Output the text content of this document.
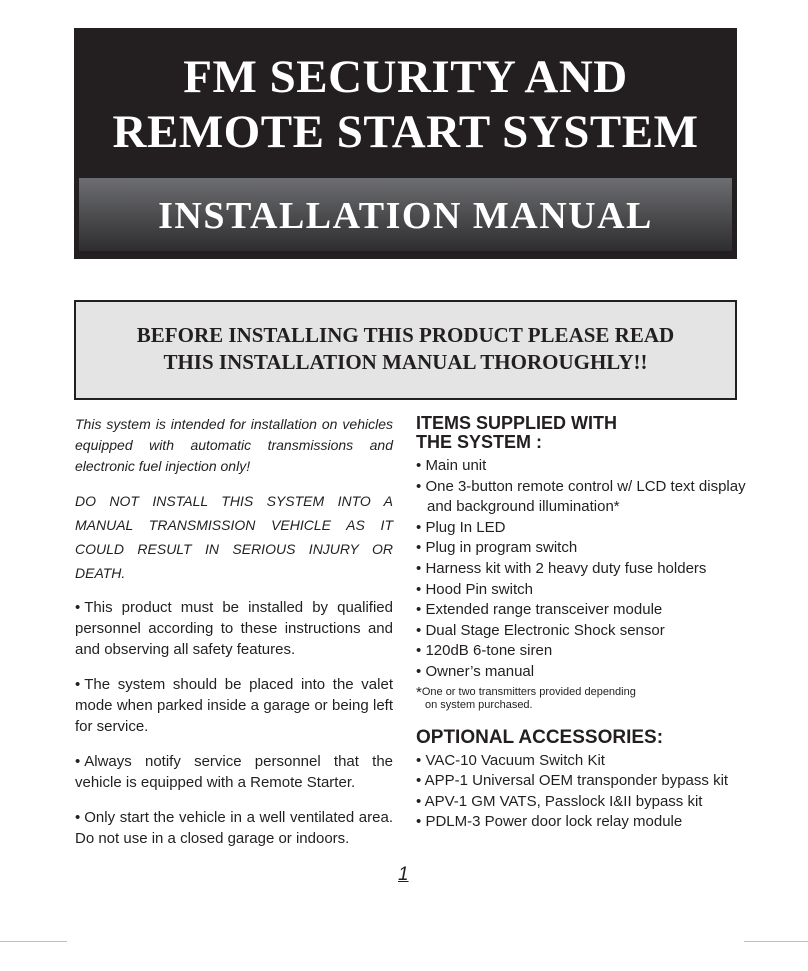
FM SECURITY AND
REMOTE START SYSTEM
INSTALLATION MANUAL
BEFORE INSTALLING THIS PRODUCT PLEASE READ
THIS INSTALLATION MANUAL THOROUGHLY!!

This system is intended for installation on vehicles equipped with automatic transmissions and electronic fuel injection only!

DO NOT INSTALL THIS SYSTEM INTO A MANUAL TRANSMISSION VEHICLE AS IT COULD RESULT IN SERIOUS INJURY OR DEATH.

• This product must be installed by qualified personnel according to these instructions and and observing all safety features.

• The system should be placed into the valet mode when parked inside a garage or being left for service.

• Always notify service personnel that the vehicle is equipped with a Remote Starter.

• Only start the vehicle in a well ventilated area. Do not use in a closed garage or indoors.

ITEMS SUPPLIED WITH
THE SYSTEM :
• Main unit
• One 3-button remote control w/ LCD text display and background illumination*
• Plug In LED
• Plug in program switch
• Harness kit with 2 heavy duty fuse holders
• Hood Pin switch
• Extended range transceiver module
• Dual Stage Electronic Shock sensor
• 120dB 6-tone siren
• Owner’s manual
*One or two transmitters provided depending
on system purchased.
OPTIONAL ACCESSORIES:
• VAC-10 Vacuum Switch Kit
• APP-1 Universal OEM transponder bypass kit
• APV-1 GM VATS, Passlock I&II bypass kit
• PDLM-3 Power door lock relay module
1
